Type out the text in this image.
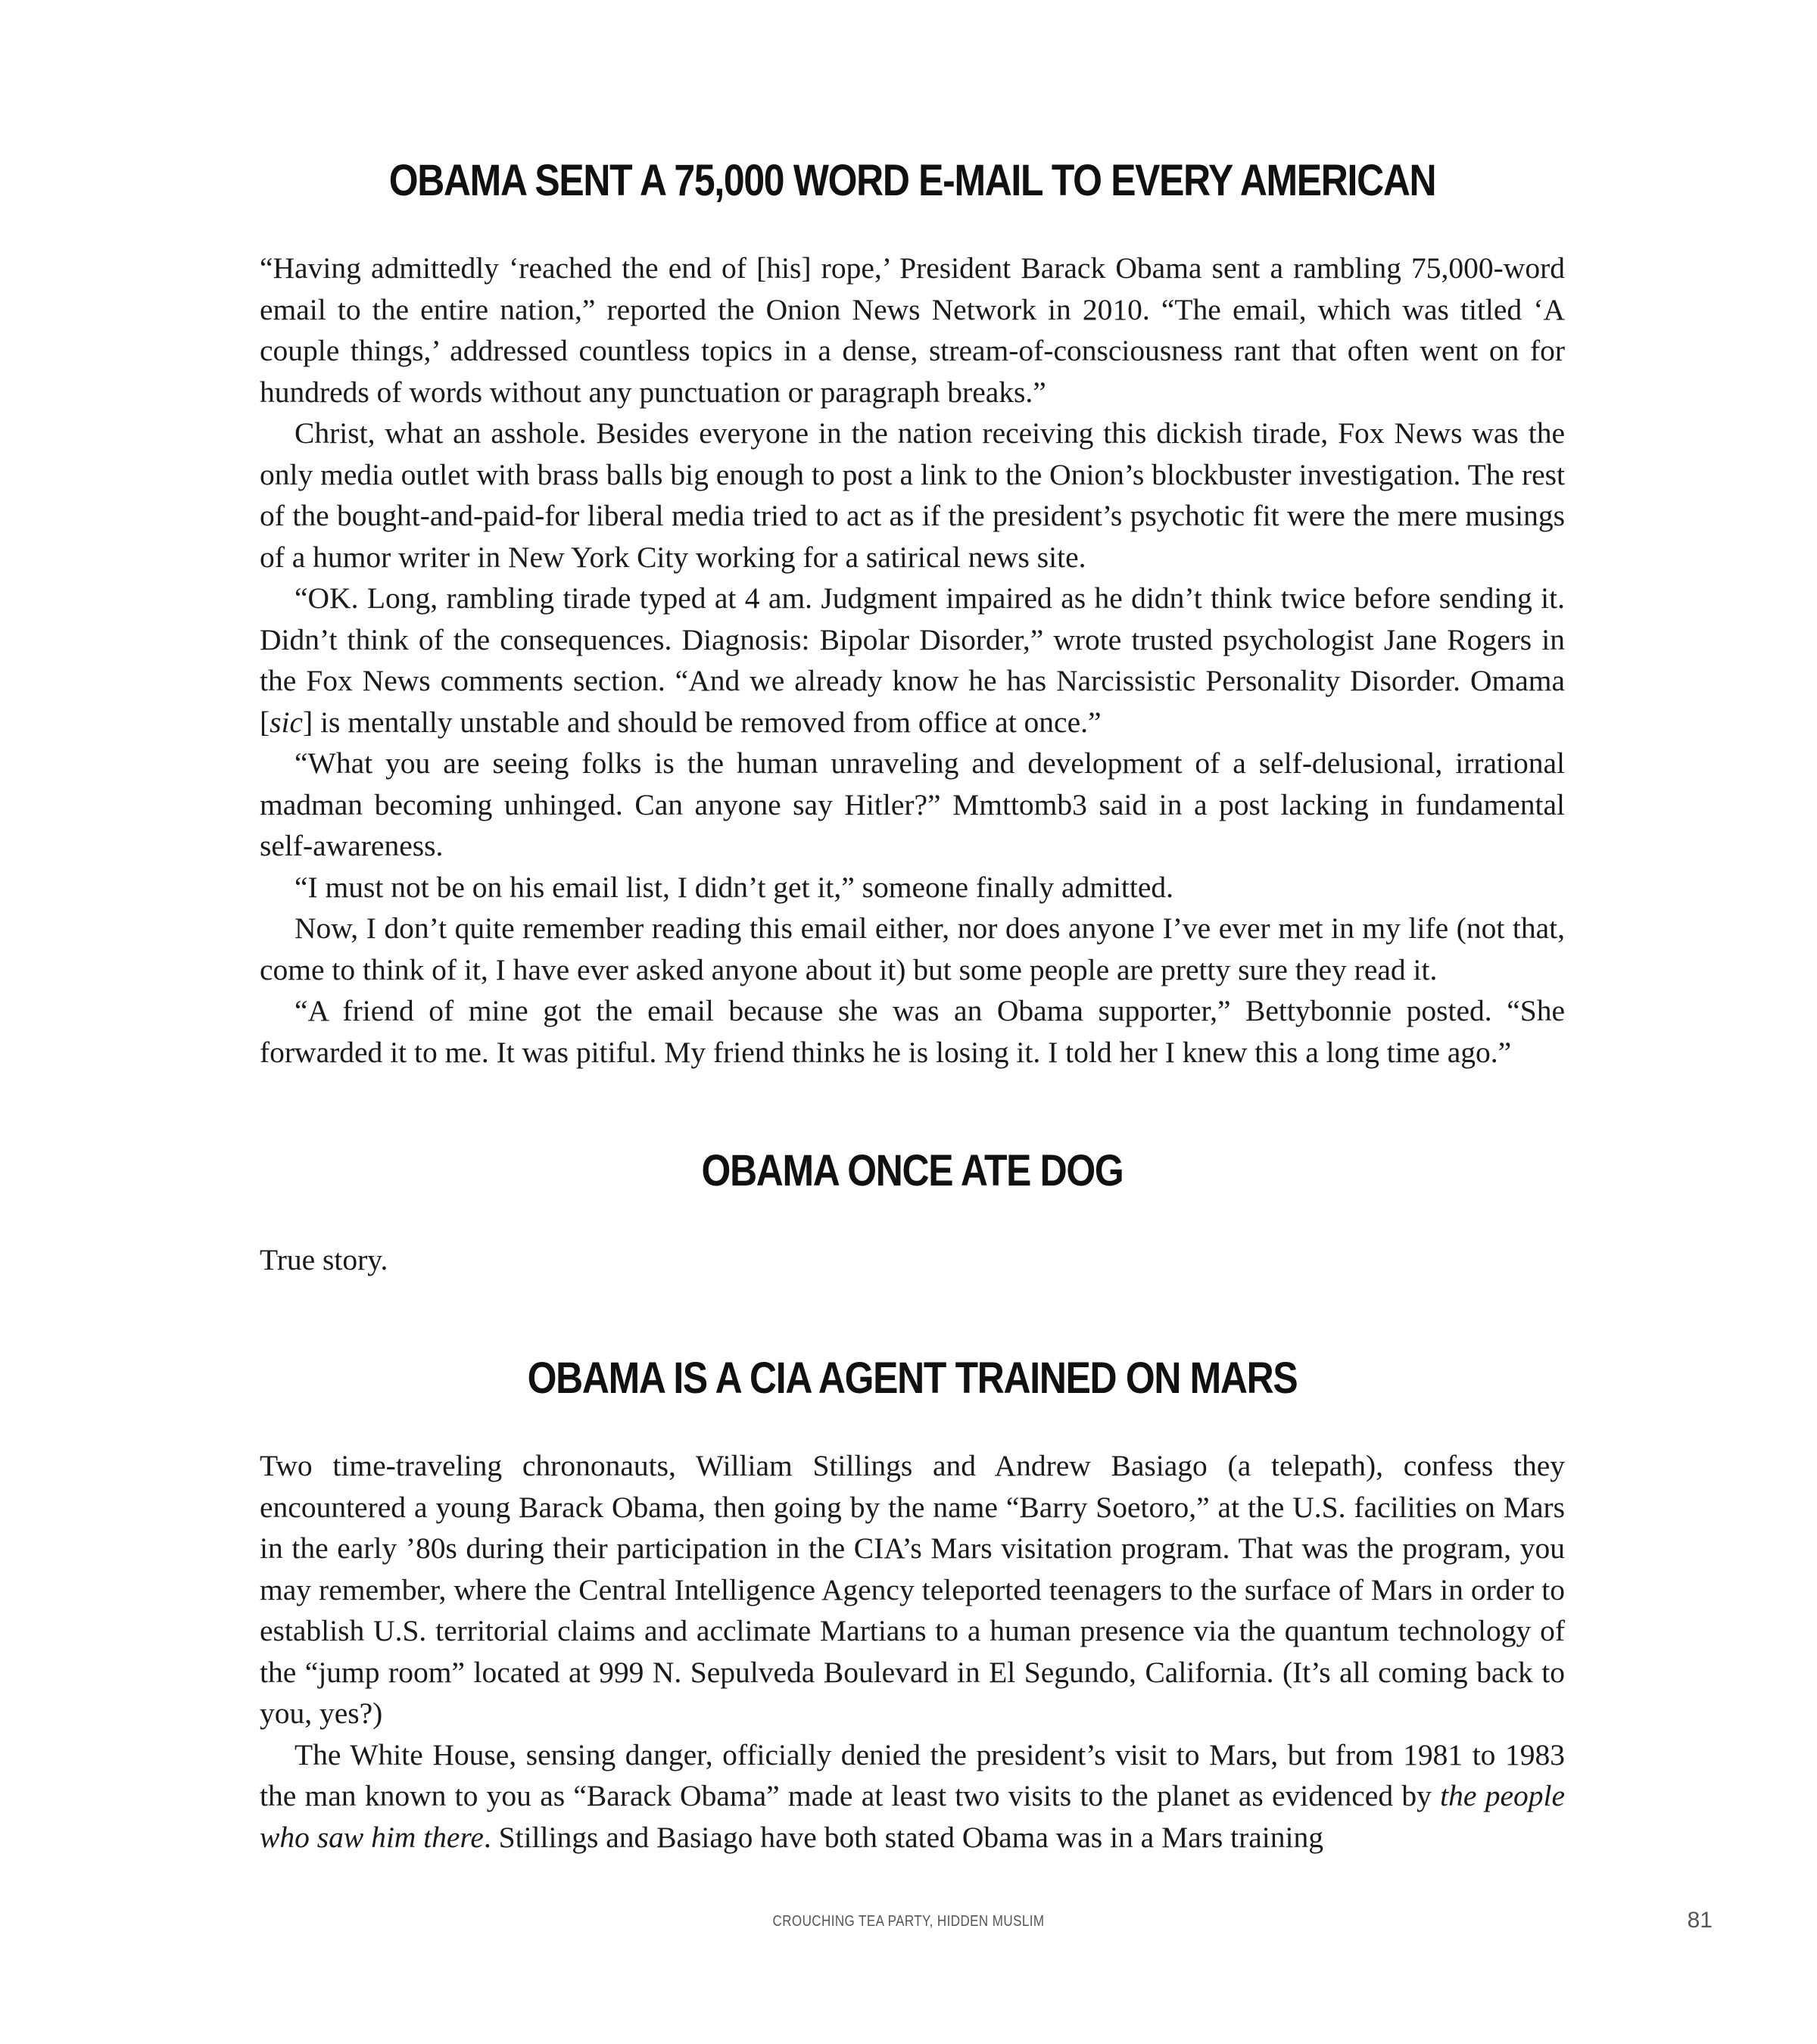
OBAMA SENT A 75,000 WORD E-MAIL TO EVERY AMERICAN

“Having admittedly ‘reached the end of [his] rope,’ President Barack Obama sent a rambling 75,000-word email to the entire nation,” reported the Onion News Network in 2010. “The email, which was titled ‘A couple things,’ addressed countless topics in a dense, stream-of-consciousness rant that often went on for hundreds of words without any punctuation or paragraph breaks.”

Christ, what an asshole. Besides everyone in the nation receiving this dickish tirade, Fox News was the only media outlet with brass balls big enough to post a link to the Onion’s blockbuster investigation. The rest of the bought-and-paid-for liberal media tried to act as if the president’s psychotic fit were the mere musings of a humor writer in New York City working for a satirical news site.

“OK. Long, rambling tirade typed at 4 am. Judgment impaired as he didn’t think twice before sending it. Didn’t think of the consequences. Diagnosis: Bipolar Disorder,” wrote trusted psychologist Jane Rogers in the Fox News comments section. “And we already know he has Narcissistic Personality Disorder. Omama [sic] is mentally unstable and should be removed from office at once.”

“What you are seeing folks is the human unraveling and development of a self-delusional, irrational madman becoming unhinged. Can anyone say Hitler?” Mmttomb3 said in a post lacking in fundamental self-awareness.

“I must not be on his email list, I didn’t get it,” someone finally admitted.

Now, I don’t quite remember reading this email either, nor does anyone I’ve ever met in my life (not that, come to think of it, I have ever asked anyone about it) but some people are pretty sure they read it.

“A friend of mine got the email because she was an Obama supporter,” Bettybonnie posted. “She forwarded it to me. It was pitiful. My friend thinks he is losing it. I told her I knew this a long time ago.”

OBAMA ONCE ATE DOG

True story.

OBAMA IS A CIA AGENT TRAINED ON MARS

Two time-traveling chrononauts, William Stillings and Andrew Basiago (a telepath), confess they encountered a young Barack Obama, then going by the name “Barry Soetoro,” at the U.S. facilities on Mars in the early ’80s during their participation in the CIA’s Mars visitation program. That was the program, you may remember, where the Central Intelligence Agency teleported teenagers to the surface of Mars in order to establish U.S. territorial claims and acclimate Martians to a human presence via the quantum technology of the “jump room” located at 999 N. Sepulveda Boulevard in El Segundo, California. (It’s all coming back to you, yes?)

The White House, sensing danger, officially denied the president’s visit to Mars, but from 1981 to 1983 the man known to you as “Barack Obama” made at least two visits to the planet as evidenced by the people who saw him there. Stillings and Basiago have both stated Obama was in a Mars training

CROUCHING TEA PARTY, HIDDEN MUSLIM	81
